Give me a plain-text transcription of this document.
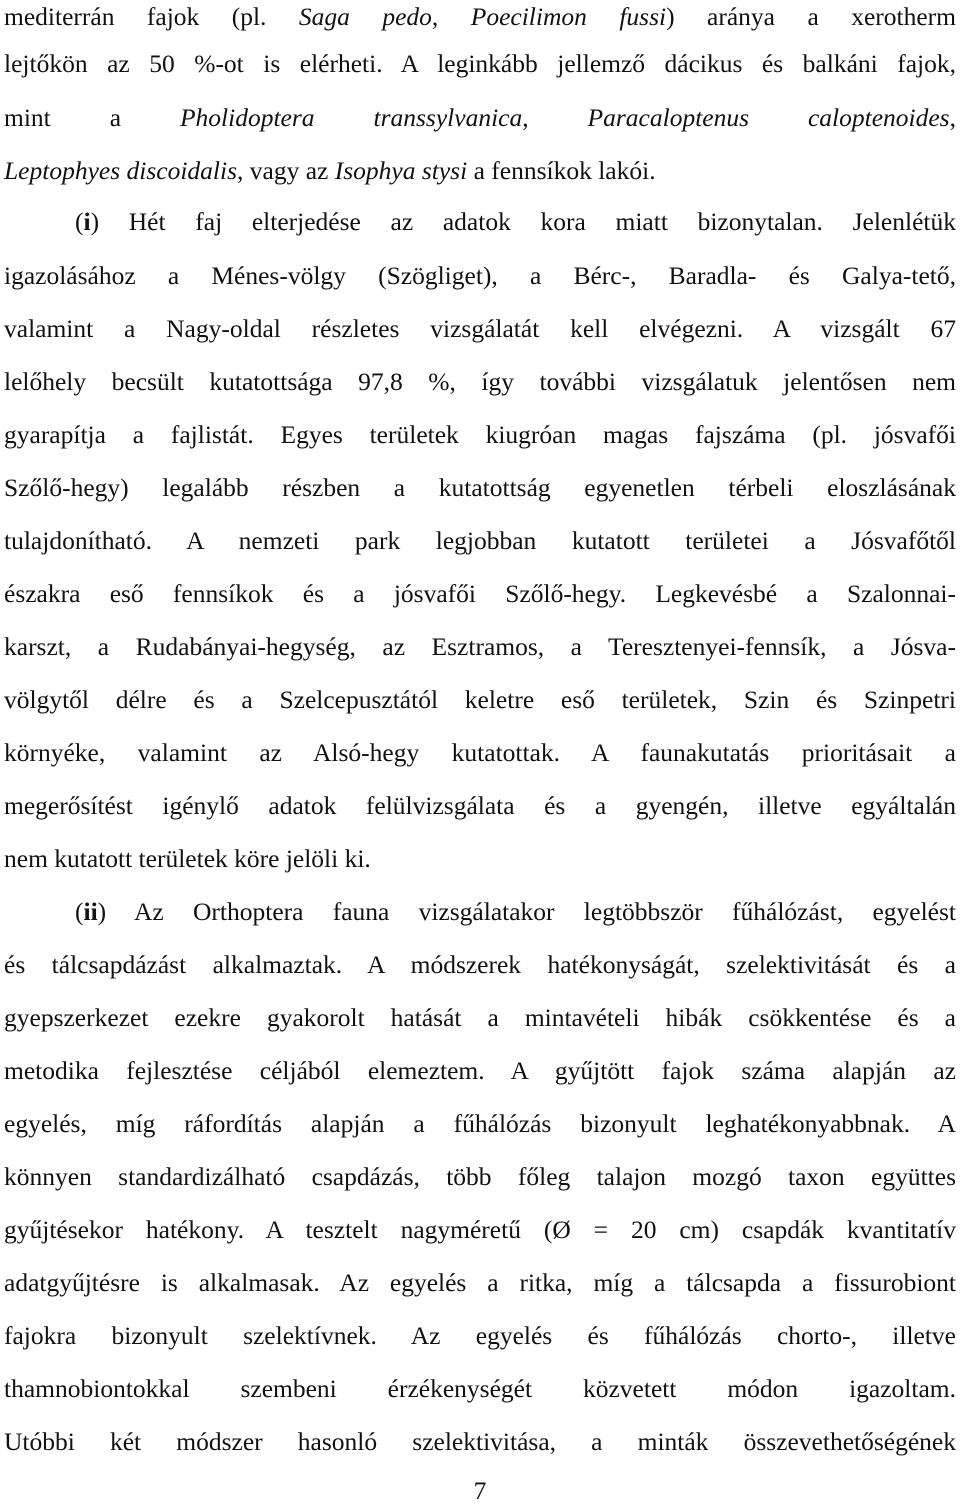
mediterrán fajok (pl. Saga pedo, Poecilimon fussi) aránya a xerotherm
lejtőkön az 50 %-ot is elérheti. A leginkább jellemző dácikus és balkáni fajok,
mint a Pholidoptera transsylvanica, Paracaloptenus caloptenoides,
Leptophyes discoidalis, vagy az Isophya stysi a fennsíkok lakói.
(i) Hét faj elterjedése az adatok kora miatt bizonytalan. Jelenlétük
igazolásához a Ménes-völgy (Szögliget), a Bérc-, Baradla- és Galya-tető,
valamint a Nagy-oldal részletes vizsgálatát kell elvégezni. A vizsgált 67
lelőhely becsült kutatottsága 97,8 %, így további vizsgálatuk jelentősen nem
gyarapítja a fajlistát. Egyes területek kiugróan magas fajszáma (pl. jósvafői
Szőlő-hegy) legalább részben a kutatottság egyenetlen térbeli eloszlásának
tulajdonítható. A nemzeti park legjobban kutatott területei a Jósvafőtől
északra eső fennsíkok és a jósvafői Szőlő-hegy. Legkevésbé a Szalonnai-
karszt, a Rudabányai-hegység, az Esztramos, a Teresztenyei-fennsík, a Jósva-
völgytől délre és a Szelcepusztától keletre eső területek, Szin és Szinpetri
környéke, valamint az Alsó-hegy kutatottak. A faunakutatás prioritásait a
megerősítést igénylő adatok felülvizsgálata és a gyengén, illetve egyáltalán
nem kutatott területek köre jelöli ki.
(ii) Az Orthoptera fauna vizsgálatakor legtöbbször fűhálózást, egyelést
és tálcsapdázást alkalmaztak. A módszerek hatékonyságát, szelektivitását és a
gyepszerkezet ezekre gyakorolt hatását a mintavételi hibák csökkentése és a
metodika fejlesztése céljából elemeztem. A gyűjtött fajok száma alapján az
egyelés, míg ráfordítás alapján a fűhálózás bizonyult leghatékonyabbnak. A
könnyen standardizálható csapdázás, több főleg talajon mozgó taxon együttes
gyűjtésekor hatékony. A tesztelt nagyméretű (Ø = 20 cm) csapdák kvantitatív
adatgyűjtésre is alkalmasak. Az egyelés a ritka, míg a tálcsapda a fissurobiont
fajokra bizonyult szelektívnek. Az egyelés és fűhálózás chorto-, illetve
thamnobiontokkal szembeni érzékenységét közvetett módon igazoltam.
Utóbbi két módszer hasonló szelektivitása, a minták összevethetőségének
7
